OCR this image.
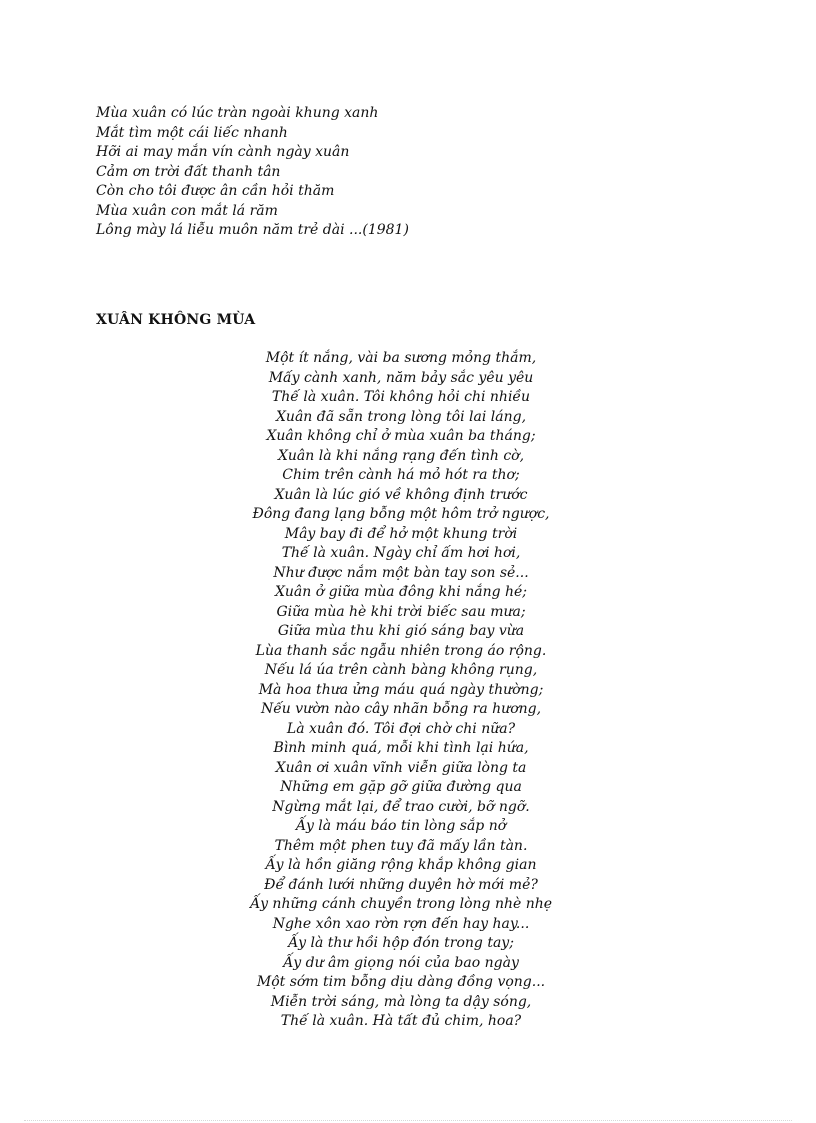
Mùa xuân có lúc tràn ngoài khung xanh
Mắt tìm một cái liếc nhanh
Hỡi ai may mắn vín cành ngày xuân
Cảm ơn trời đất thanh tân
Còn cho tôi được ân cần hỏi thăm
Mùa xuân con mắt lá răm
Lông mày lá liễu muôn năm trẻ dài ...(1981)
XUÂN KHÔNG MÙA
Một ít nắng, vài ba sương mỏng thắm,
Mấy cành xanh, năm bảy sắc yêu yêu
Thế là xuân. Tôi không hỏi chi nhiều
Xuân đã sẵn trong lòng tôi lai láng,
Xuân không chỉ ở mùa xuân ba tháng;
Xuân là khi nắng rạng đến tình cờ,
Chim trên cành há mỏ hót ra thơ;
Xuân là lúc gió về không định trước
Đông đang lạng bỗng một hôm trở ngược,
Mây bay đi để hở một khung trời
Thế là xuân. Ngày chỉ ấm hơi hơi,
Như được nắm một bàn tay son sẻ...
Xuân ở giữa mùa đông khi nắng hé;
Giữa mùa hè khi trời biếc sau mưa;
Giữa mùa thu khi gió sáng bay vừa
Lùa thanh sắc ngẫu nhiên trong áo rộng.
Nếu lá úa trên cành bàng không rụng,
Mà hoa thưa ửng máu quá ngày thường;
Nếu vườn nào cây nhãn bỗng ra hương,
Là xuân đó. Tôi đợi chờ chi nữa?
Bình minh quá, mỗi khi tình lại hứa,
Xuân ơi xuân vĩnh viễn giữa lòng ta
Những em gặp gỡ giữa đường qua
Ngừng mắt lại, để trao cười, bỡ ngỡ.
Ấy là máu báo tin lòng sắp nở
Thêm một phen tuy đã mấy lần tàn.
Ấy là hồn giăng rộng khắp không gian
Để đánh lưới những duyên hờ mới mẻ?
Ấy những cánh chuyền trong lòng nhè nhẹ
Nghe xôn xao rờn rợn đến hay hay...
Ấy là thư hồi hộp đón trong tay;
Ấy dư âm giọng nói của bao ngày
Một sớm tim bỗng dịu dàng đồng vọng...
Miễn trời sáng, mà lòng ta dậy sóng,
Thế là xuân. Hà tất đủ chim, hoa?
